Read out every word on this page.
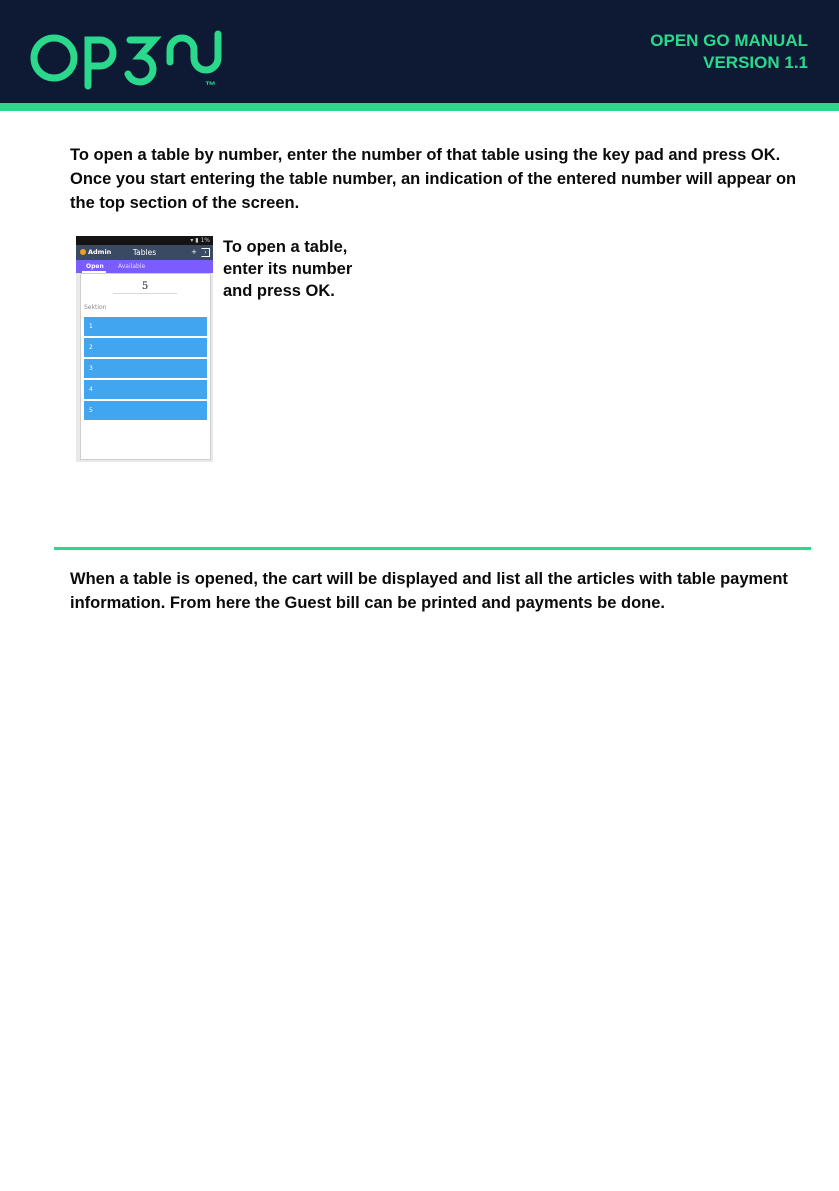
™
OPEN GO MANUAL
VERSION 1.1
To open a table by number, enter the number of that table using the key pad and press OK. Once you start entering the table number, an indication of the entered number will appear on the top section of the screen.
▾ ▮ 1%
Admin	Tables	+	›
Open Available
5
Sektion
1
2
3
4
5
To open a table, enter its number and press OK.
When a table is opened, the cart will be displayed and list all the articles with table payment information. From here the Guest bill can be printed and payments be done.
